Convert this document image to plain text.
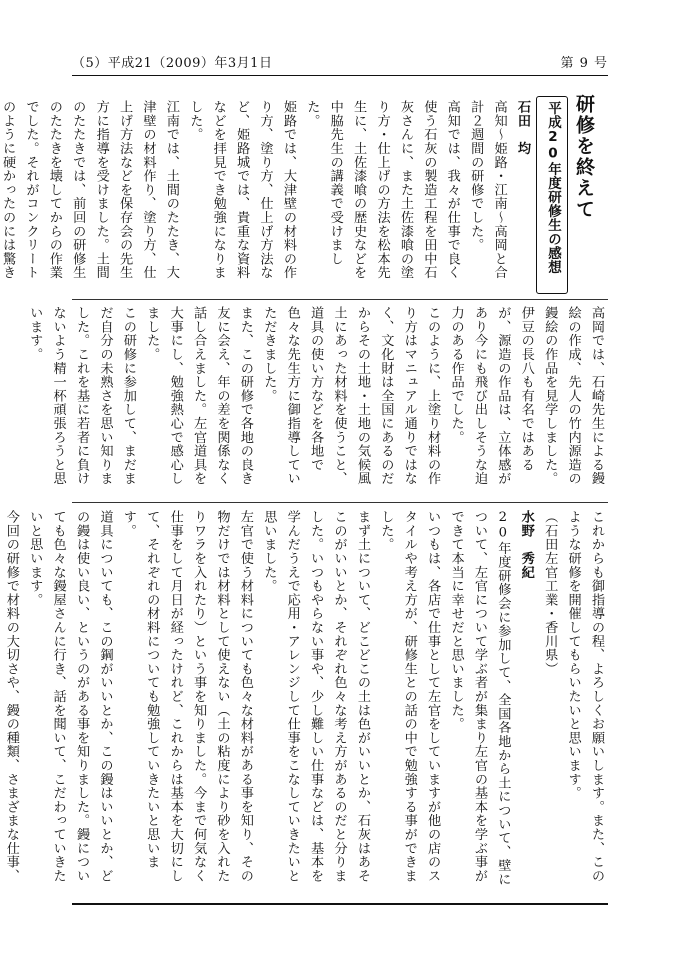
（5）平成21（2009）年3月1日	第 9 号
研修を終えて
平成20年度研修生の感想

石田　均

高知～姫路・江南～高岡と合計２週間の研修でした。

高知では、我々が仕事で良く使う石灰の製造工程を田中石灰さんに、また土佐漆喰の塗り方・仕上げの方法を松本先生に、土佐漆喰の歴史などを中脇先生の講義で受けました。

姫路では、大津壁の材料の作り方、塗り方、仕上げ方法など、姫路城では、貴重な資料などを拝見でき勉強になりました。

江南では、土間のたたき、大津壁の材料作り、塗り方、仕上げ方法などを保存会の先生方に指導を受けました。土間のたたきでは、前回の研修生のたたきを壊してからの作業でした。それがコンクリートのように硬かったのには驚き

高岡では、石崎先生による鏝絵の作成、先人の竹内源造の鏝絵の作品を見学しました。伊豆の長八も有名ではあるが、源造の作品は、立体感があり今にも飛び出しそうな迫力のある作品でした。

このように、上塗り材料の作り方はマニュアル通りではなく、文化財は全国にあるのだからその土地・土地の気候風土にあった材料を使うこと、道具の使い方などを各地で色々な先生方に御指導していただきました。

また、この研修で各地の良き友に会え、年の差を関係なく話し合えました。左官道具を大事にし、勉強熱心で感心しました。

この研修に参加して、まだまだ自分の未熟さを思い知りました。これを基に若者に負けないよう精一杯頑張ろうと思います。

これからも御指導の程、よろしくお願いします。また、このような研修を開催してもらいたいと思います。

（石田左官工業・香川県）

水野　秀紀

20年度研修会に参加して、全国各地から土について、壁について、左官について学ぶ者が集まり左官の基本を学ぶ事ができて本当に幸せだと思いました。

いつもは、各店で仕事として左官をしていますが他の店のスタイルや考え方が、研修生との話の中で勉強する事ができました。

まず土について、どこどこの土は色がいいとか、石灰はあそこのがいいとか、それぞれ色々な考え方があるのだと分りました。いつもやらない事や、少し難しい仕事などは、基本を学んだうえで応用・アレンジして仕事をこなしていきたいと思いました。

左官で使う材料についても色々な材料がある事を知り、その物だけでは材料として使えない（土の粘度により砂を入れたりワラを入れたり）という事を知りました。今まで何気なく仕事をして月日が経ったけれど、これからは基本を大切にして、それぞれの材料についても勉強していきたいと思います。

道具についても、この鋼がいいとか、この鏝はいいとか、どの鏝は使い良い、というのがある事を知りました。鏝についても色々な鏝屋さんに行き、話を聞いて、こだわっていきたいと思います。

今回の研修で材料の大切さや、鏝の種類、さまざまな仕事、
